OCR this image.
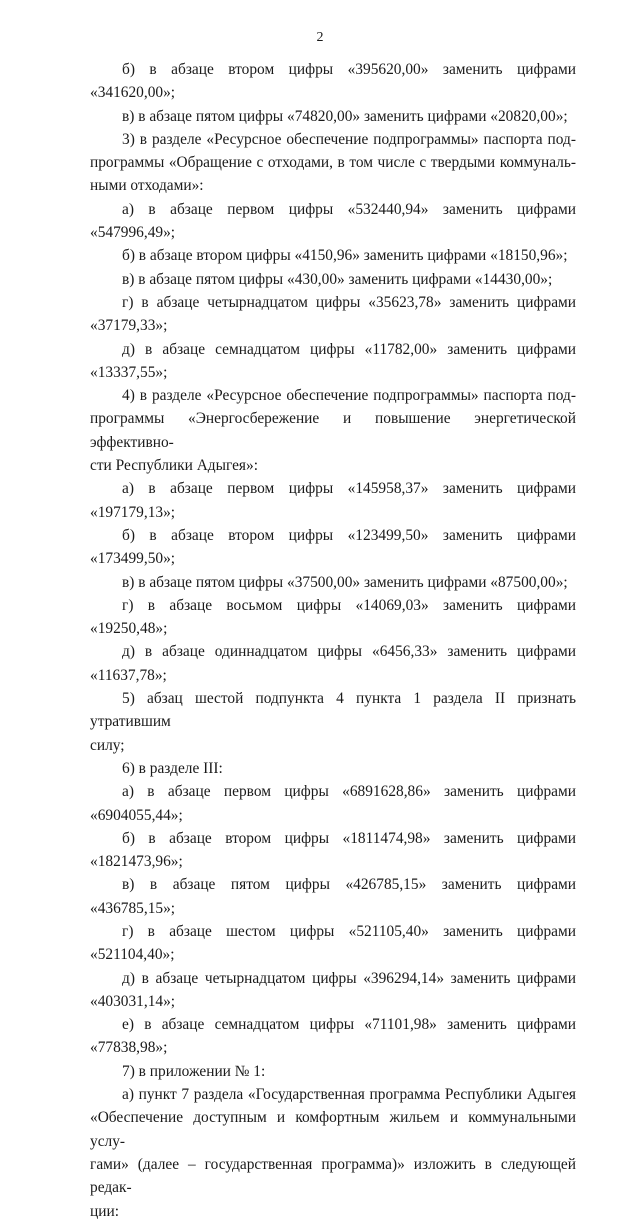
2
б) в абзаце втором цифры «395620,00» заменить цифрами
«341620,00»;
в) в абзаце пятом цифры «74820,00» заменить цифрами «20820,00»;
3) в разделе «Ресурсное обеспечение подпрограммы» паспорта под-
программы «Обращение с отходами, в том числе с твердыми коммуналь-
ными отходами»:
а) в абзаце первом цифры «532440,94» заменить цифрами
«547996,49»;
б) в абзаце втором цифры «4150,96» заменить цифрами «18150,96»;
в) в абзаце пятом цифры «430,00» заменить цифрами «14430,00»;
г) в абзаце четырнадцатом цифры «35623,78» заменить цифрами
«37179,33»;
д) в абзаце семнадцатом цифры «11782,00» заменить цифрами
«13337,55»;
4) в разделе «Ресурсное обеспечение подпрограммы» паспорта под-
программы «Энергосбережение и повышение энергетической эффективно-
сти Республики Адыгея»:
а) в абзаце первом цифры «145958,37» заменить цифрами
«197179,13»;
б) в абзаце втором цифры «123499,50» заменить цифрами
«173499,50»;
в) в абзаце пятом цифры «37500,00» заменить цифрами «87500,00»;
г) в абзаце восьмом цифры «14069,03» заменить цифрами «19250,48»;
д) в абзаце одиннадцатом цифры «6456,33» заменить цифрами
«11637,78»;
5) абзац шестой подпункта 4 пункта 1 раздела II признать утратившим
силу;
6) в разделе III:
а) в абзаце первом цифры «6891628,86» заменить цифрами
«6904055,44»;
б) в абзаце втором цифры «1811474,98» заменить цифрами
«1821473,96»;
в) в абзаце пятом цифры «426785,15» заменить цифрами «436785,15»;
г) в абзаце шестом цифры «521105,40» заменить цифрами
«521104,40»;
д) в абзаце четырнадцатом цифры «396294,14» заменить цифрами
«403031,14»;
е) в абзаце семнадцатом цифры «71101,98» заменить цифрами
«77838,98»;
7) в приложении № 1:
а) пункт 7 раздела «Государственная программа Республики Адыгея
«Обеспечение доступным и комфортным жильем и коммунальными услу-
гами» (далее – государственная программа)» изложить в следующей редак-
ции:
